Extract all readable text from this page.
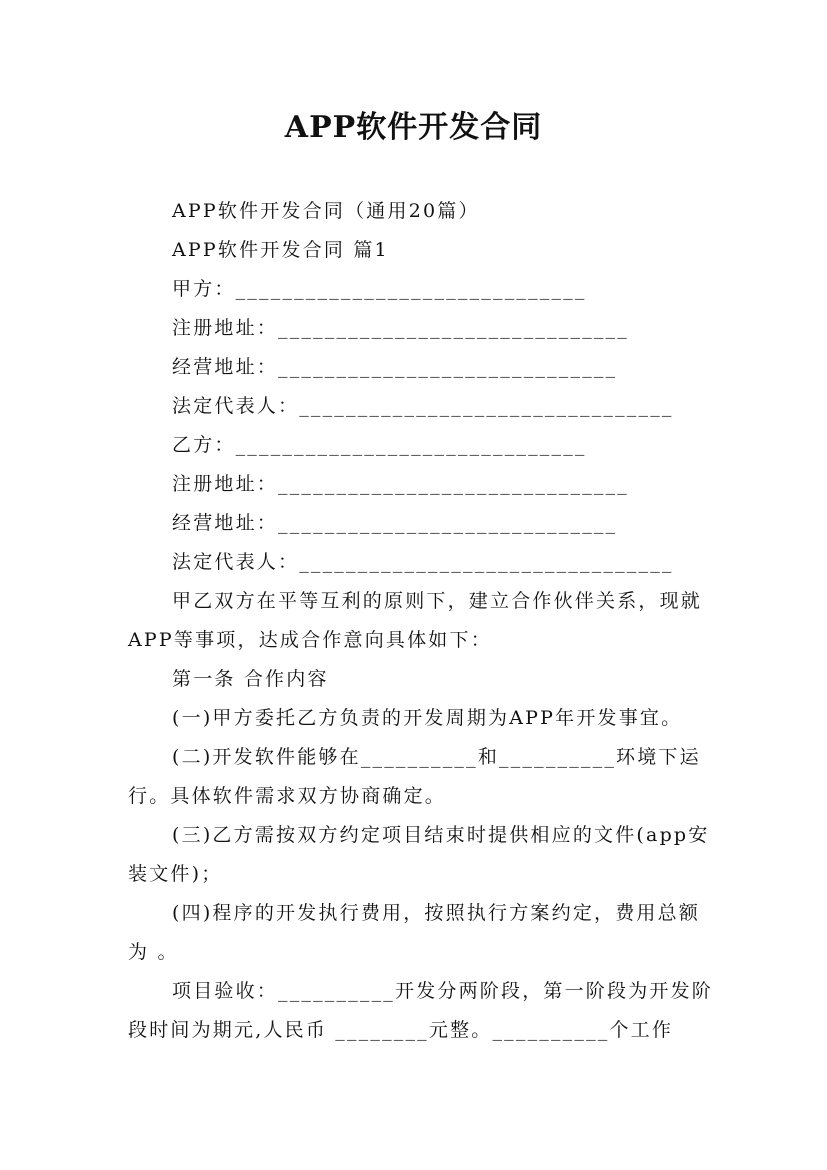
APP软件开发合同

APP软件开发合同（通用20篇）

APP软件开发合同 篇1

甲方：______________________________

注册地址：______________________________

经营地址：_____________________________

法定代表人：________________________________

乙方：______________________________

注册地址：______________________________

经营地址：_____________________________

法定代表人：________________________________

甲乙双方在平等互利的原则下，建立合作伙伴关系，现就APP等事项，达成合作意向具体如下：

第一条 合作内容

(一)甲方委托乙方负责的开发周期为APP年开发事宜。

(二)开发软件能够在__________和__________环境下运行。具体软件需求双方协商确定。

(三)乙方需按双方约定项目结束时提供相应的文件(app安装文件)；

(四)程序的开发执行费用，按照执行方案约定，费用总额为 。

项目验收：__________开发分两阶段，第一阶段为开发阶段时间为期元,人民币 ________元整。__________个工作
